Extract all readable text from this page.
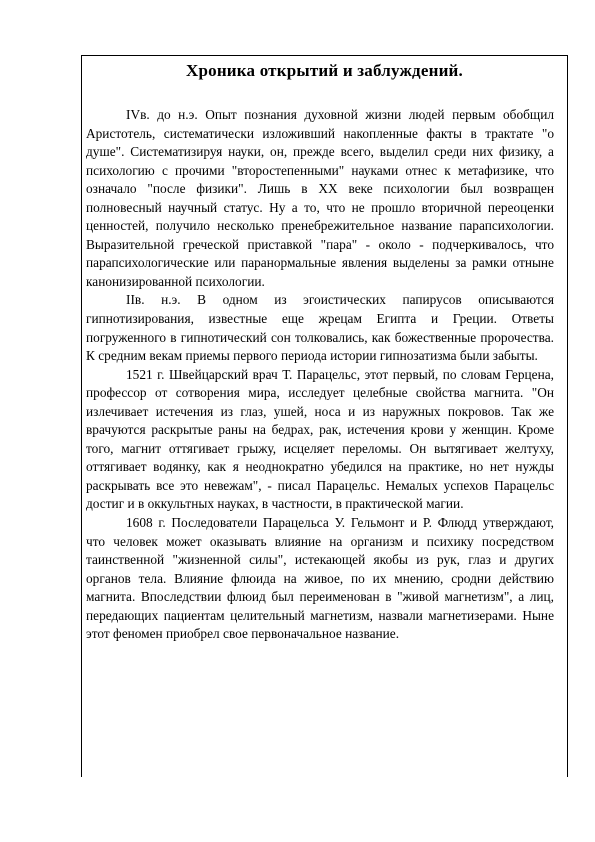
Хроника открытий и заблуждений.

IVв. до н.э. Опыт познания духовной жизни людей первым обобщил Аристотель, систематически изложивший накопленные факты в трактате "о душе". Систематизируя науки, он, прежде всего, выделил среди них физику, а психологию с прочими "второстепенными" науками отнес к метафизике, что означало "после физики". Лишь в XX веке психологии был возвращен полновесный научный статус. Ну а то, что не прошло вторичной переоценки ценностей, получило несколько пренебрежительное название парапсихологии. Выразительной греческой приставкой "пара" - около - подчеркивалось, что парапсихологические или паранормальные явления выделены за рамки отныне канонизированной психологии.

IIв. н.э. В одном из эгоистических папирусов описываются гипнотизирования, известные еще жрецам Египта и Греции. Ответы погруженного в гипнотический сон толковались, как божественные пророчества. К средним векам приемы первого периода истории гипнозатизма были забыты.

1521 г. Швейцарский врач Т. Парацельс, этот первый, по словам Герцена, профессор от сотворения мира, исследует целебные свойства магнита. "Он излечивает истечения из глаз, ушей, носа и из наружных покровов. Так же врачуются раскрытые раны на бедрах, рак, истечения крови у женщин. Кроме того, магнит оттягивает грыжу, исцеляет переломы. Он вытягивает желтуху, оттягивает водянку, как я неоднократно убедился на практике, но нет нужды раскрывать все это невежам", - писал Парацельс. Немалых успехов Парацельс достиг и в оккультных науках, в частности, в практической магии.

1608 г. Последователи Парацельса У. Гельмонт и Р. Флюдд утверждают, что человек может оказывать влияние на организм и психику посредством таинственной "жизненной силы", истекающей якобы из рук, глаз и других органов тела. Влияние флюида на живое, по их мнению, сродни действию магнита. Впоследствии флюид был переименован в "живой магнетизм", а лиц, передающих пациентам целительный магнетизм, назвали магнетизерами. Ныне этот феномен приобрел свое первоначальное название.
